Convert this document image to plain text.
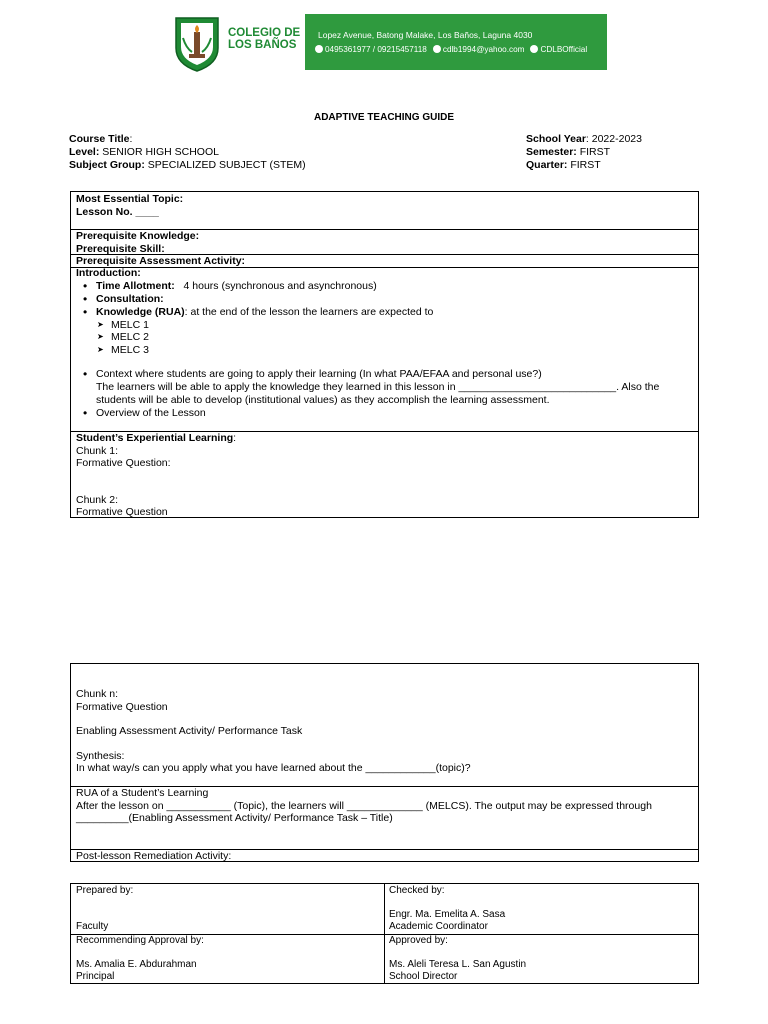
COLEGIO DE
LOS BAÑOS
Lopez Avenue, Batong Malake, Los Baños, Laguna 4030
0495361977 / 09215457118	cdlb1994@yahoo.com	CDLBOfficial
ADAPTIVE TEACHING GUIDE
Course Title:
Level: SENIOR HIGH SCHOOL
Subject Group: SPECIALIZED SUBJECT (STEM)
School Year: 2022-2023
Semester: FIRST
Quarter: FIRST
Most Essential Topic:
Lesson No. ____
Prerequisite Knowledge:
Prerequisite Skill:
Prerequisite Assessment Activity:
Introduction:
• Time Allotment: 4 hours (synchronous and asynchronous)
• Consultation:
• Knowledge (RUA): at the end of the lesson the learners are expected to
➤ MELC 1
➤ MELC 2
➤ MELC 3
• Context where students are going to apply their learning (In what PAA/EFAA and personal use?)
The learners will be able to apply the knowledge they learned in this lesson in ___________________________. Also the
students will be able to develop (institutional values) as they accomplish the learning assessment.
• Overview of the Lesson
Student’s Experiential Learning:
Chunk 1:
Formative Question:
Chunk 2:
Formative Question
Chunk n:
Formative Question
Enabling Assessment Activity/ Performance Task
Synthesis:
In what way/s can you apply what you have learned about the ____________(topic)?
RUA of a Student’s Learning
After the lesson on ___________ (Topic), the learners will _____________ (MELCS). The output may be expressed through
_________(Enabling Assessment Activity/ Performance Task – Title)
Post-lesson Remediation Activity:
Prepared by:
Faculty
Checked by:
Engr. Ma. Emelita A. Sasa
Academic Coordinator
Recommending Approval by:
Ms. Amalia E. Abdurahman
Principal
Approved by:
Ms. Aleli Teresa L. San Agustin
School Director
